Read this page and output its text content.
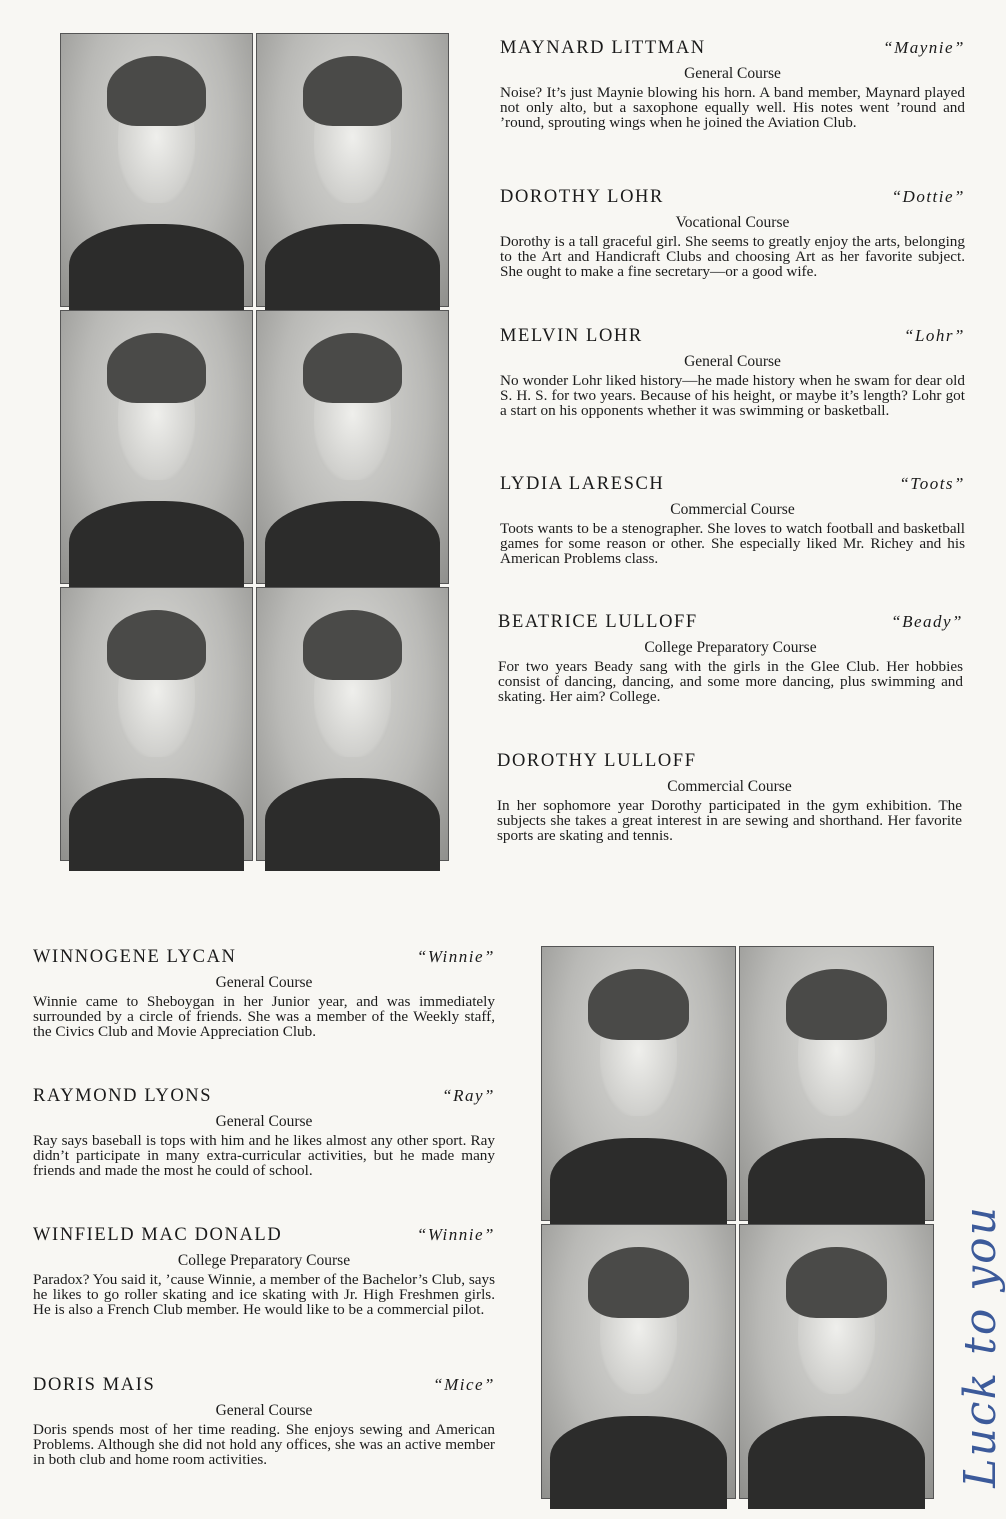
MAYNARD LITTMAN	“Maynie”
General Course

Noise? It’s just Maynie blowing his horn. A band member, Maynard played not only alto, but a saxophone equally well. His notes went ’round and ’round, sprouting wings when he joined the Aviation Club.

DOROTHY LOHR	“Dottie”
Vocational Course

Dorothy is a tall graceful girl. She seems to greatly enjoy the arts, belonging to the Art and Handicraft Clubs and choosing Art as her favorite subject. She ought to make a fine secretary—or a good wife.

MELVIN LOHR	“Lohr”
General Course

No wonder Lohr liked history—he made history when he swam for dear old S. H. S. for two years. Because of his height, or maybe it’s length? Lohr got a start on his opponents whether it was swimming or basketball.

LYDIA LARESCH	“Toots”
Commercial Course

Toots wants to be a stenographer. She loves to watch football and basketball games for some reason or other. She especially liked Mr. Richey and his American Problems class.

BEATRICE LULLOFF	“Beady”
College Preparatory Course

For two years Beady sang with the girls in the Glee Club. Her hobbies consist of dancing, dancing, and some more dancing, plus swimming and skating. Her aim? College.

DOROTHY LULLOFF
Commercial Course

In her sophomore year Dorothy participated in the gym exhibition. The subjects she takes a great interest in are sewing and shorthand. Her favorite sports are skating and tennis.

WINNOGENE LYCAN	“Winnie”
General Course

Winnie came to Sheboygan in her Junior year, and was immediately surrounded by a circle of friends. She was a member of the Weekly staff, the Civics Club and Movie Appreciation Club.

RAYMOND LYONS	“Ray”
General Course

Ray says baseball is tops with him and he likes almost any other sport. Ray didn’t participate in many extra-curricular activities, but he made many friends and made the most he could of school.

WINFIELD MAC DONALD	“Winnie”
College Preparatory Course

Paradox? You said it, ’cause Winnie, a member of the Bachelor’s Club, says he likes to go roller skating and ice skating with Jr. High Freshmen girls. He is also a French Club member. He would like to be a commercial pilot.

DORIS MAIS	“Mice”
General Course

Doris spends most of her time reading. She enjoys sewing and American Problems. Although she did not hold any offices, she was an active member in both club and home room activities.	Luck to you
